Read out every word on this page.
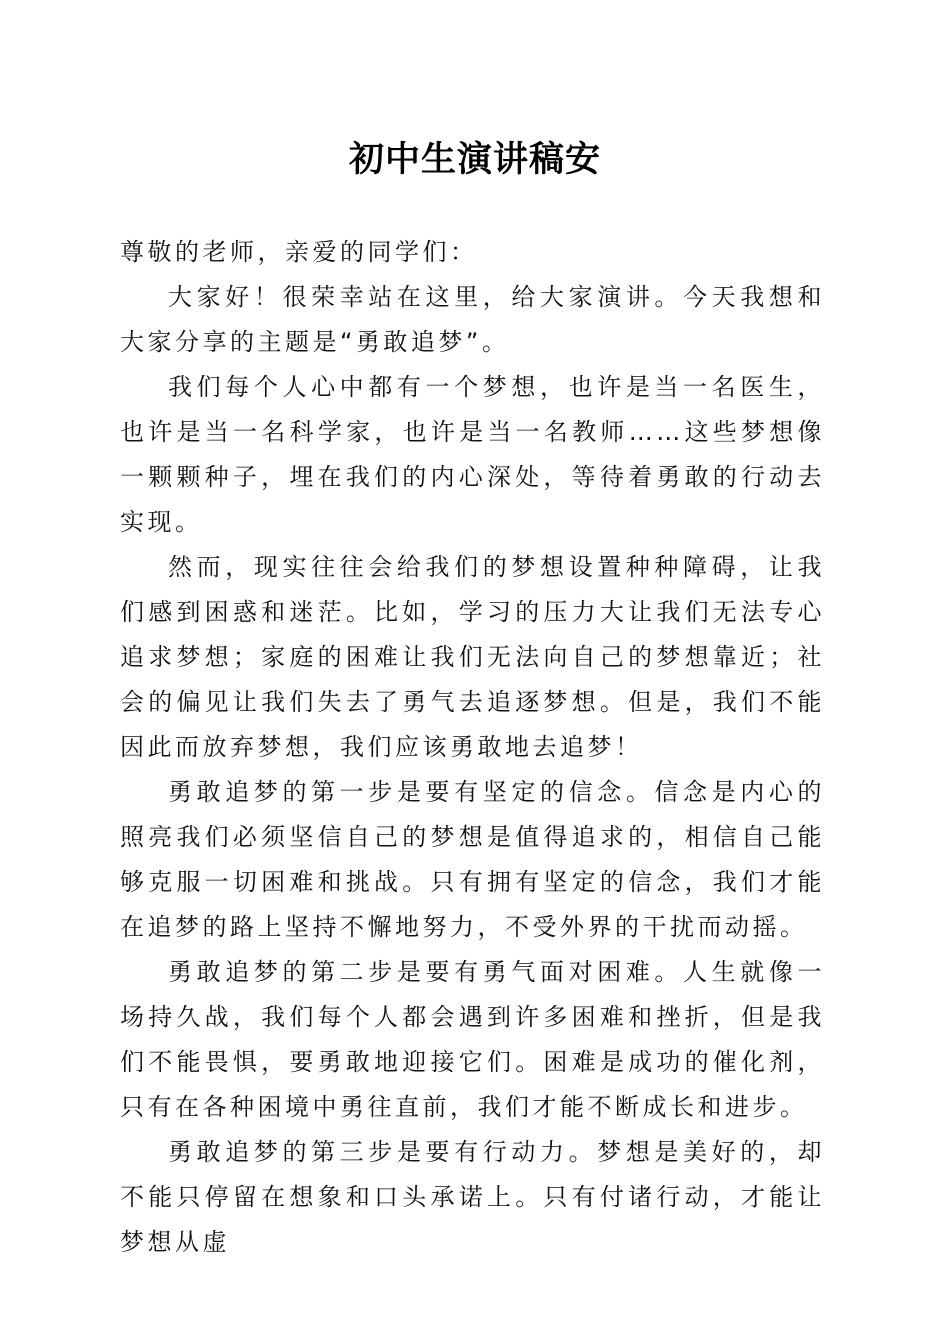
初中生演讲稿安

尊敬的老师，亲爱的同学们：

大家好！很荣幸站在这里，给大家演讲。今天我想和大家分享的主题是“勇敢追梦”。

我们每个人心中都有一个梦想，也许是当一名医生，也许是当一名科学家，也许是当一名教师……这些梦想像一颗颗种子，埋在我们的内心深处，等待着勇敢的行动去实现。

然而，现实往往会给我们的梦想设置种种障碍，让我们感到困惑和迷茫。比如，学习的压力大让我们无法专心追求梦想；家庭的困难让我们无法向自己的梦想靠近；社会的偏见让我们失去了勇气去追逐梦想。但是，我们不能因此而放弃梦想，我们应该勇敢地去追梦！

勇敢追梦的第一步是要有坚定的信念。信念是内心的照亮我们必须坚信自己的梦想是值得追求的，相信自己能够克服一切困难和挑战。只有拥有坚定的信念，我们才能在追梦的路上坚持不懈地努力，不受外界的干扰而动摇。

勇敢追梦的第二步是要有勇气面对困难。人生就像一场持久战，我们每个人都会遇到许多困难和挫折，但是我们不能畏惧，要勇敢地迎接它们。困难是成功的催化剂，只有在各种困境中勇往直前，我们才能不断成长和进步。

勇敢追梦的第三步是要有行动力。梦想是美好的，却不能只停留在想象和口头承诺上。只有付诸行动，才能让梦想从虚
